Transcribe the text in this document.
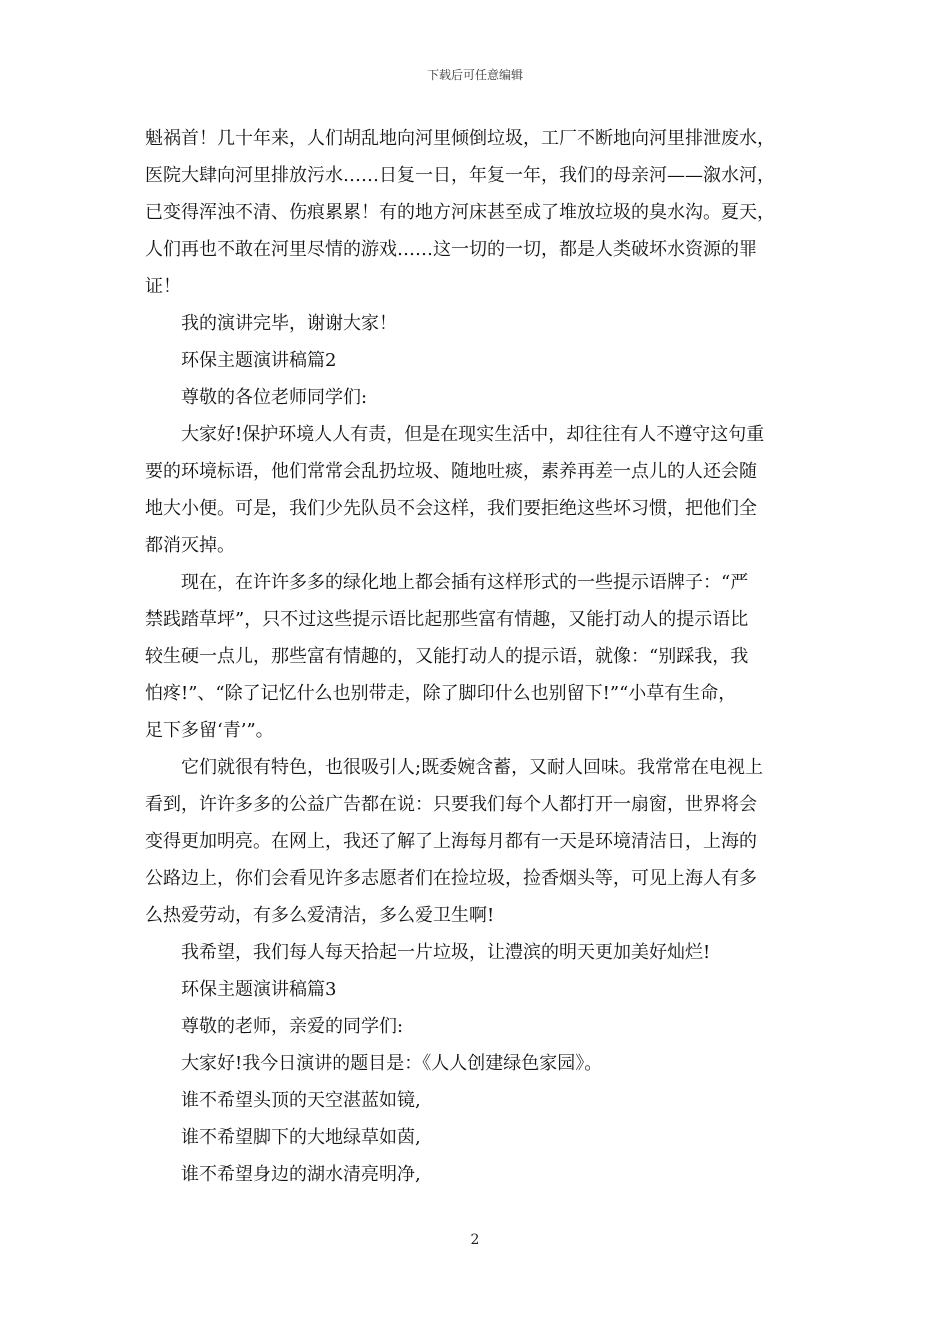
下载后可任意编辑
魁祸首！几十年来，人们胡乱地向河里倾倒垃圾，工厂不断地向河里排泄废水，
医院大肆向河里排放污水……日复一日，年复一年，我们的母亲河——溆水河，
已变得浑浊不清、伤痕累累！有的地方河床甚至成了堆放垃圾的臭水沟。夏天，
人们再也不敢在河里尽情的游戏……这一切的一切，都是人类破坏水资源的罪
证！
我的演讲完毕，谢谢大家！
环保主题演讲稿篇2
尊敬的各位老师同学们:
大家好!保护环境人人有责，但是在现实生活中，却往往有人不遵守这句重
要的环境标语，他们常常会乱扔垃圾、随地吐痰，素养再差一点儿的人还会随
地大小便。可是，我们少先队员不会这样，我们要拒绝这些坏习惯，把他们全
都消灭掉。
现在，在许许多多的绿化地上都会插有这样形式的一些提示语牌子：“严
禁践踏草坪”，只不过这些提示语比起那些富有情趣，又能打动人的提示语比
较生硬一点儿，那些富有情趣的，又能打动人的提示语，就像：“别踩我，我
怕疼!”、“除了记忆什么也别带走，除了脚印什么也别留下!”“小草有生命，
足下多留‘青’”。
它们就很有特色，也很吸引人;既委婉含蓄，又耐人回味。我常常在电视上
看到，许许多多的公益广告都在说：只要我们每个人都打开一扇窗，世界将会
变得更加明亮。在网上，我还了解了上海每月都有一天是环境清洁日，上海的
公路边上，你们会看见许多志愿者们在捡垃圾，捡香烟头等，可见上海人有多
么热爱劳动，有多么爱清洁，多么爱卫生啊!
我希望，我们每人每天拾起一片垃圾，让澧滨的明天更加美好灿烂!
环保主题演讲稿篇3
尊敬的老师，亲爱的同学们:
大家好!我今日演讲的题目是：《人人创建绿色家园》。
谁不希望头顶的天空湛蓝如镜,
谁不希望脚下的大地绿草如茵,
谁不希望身边的湖水清亮明净,
2
